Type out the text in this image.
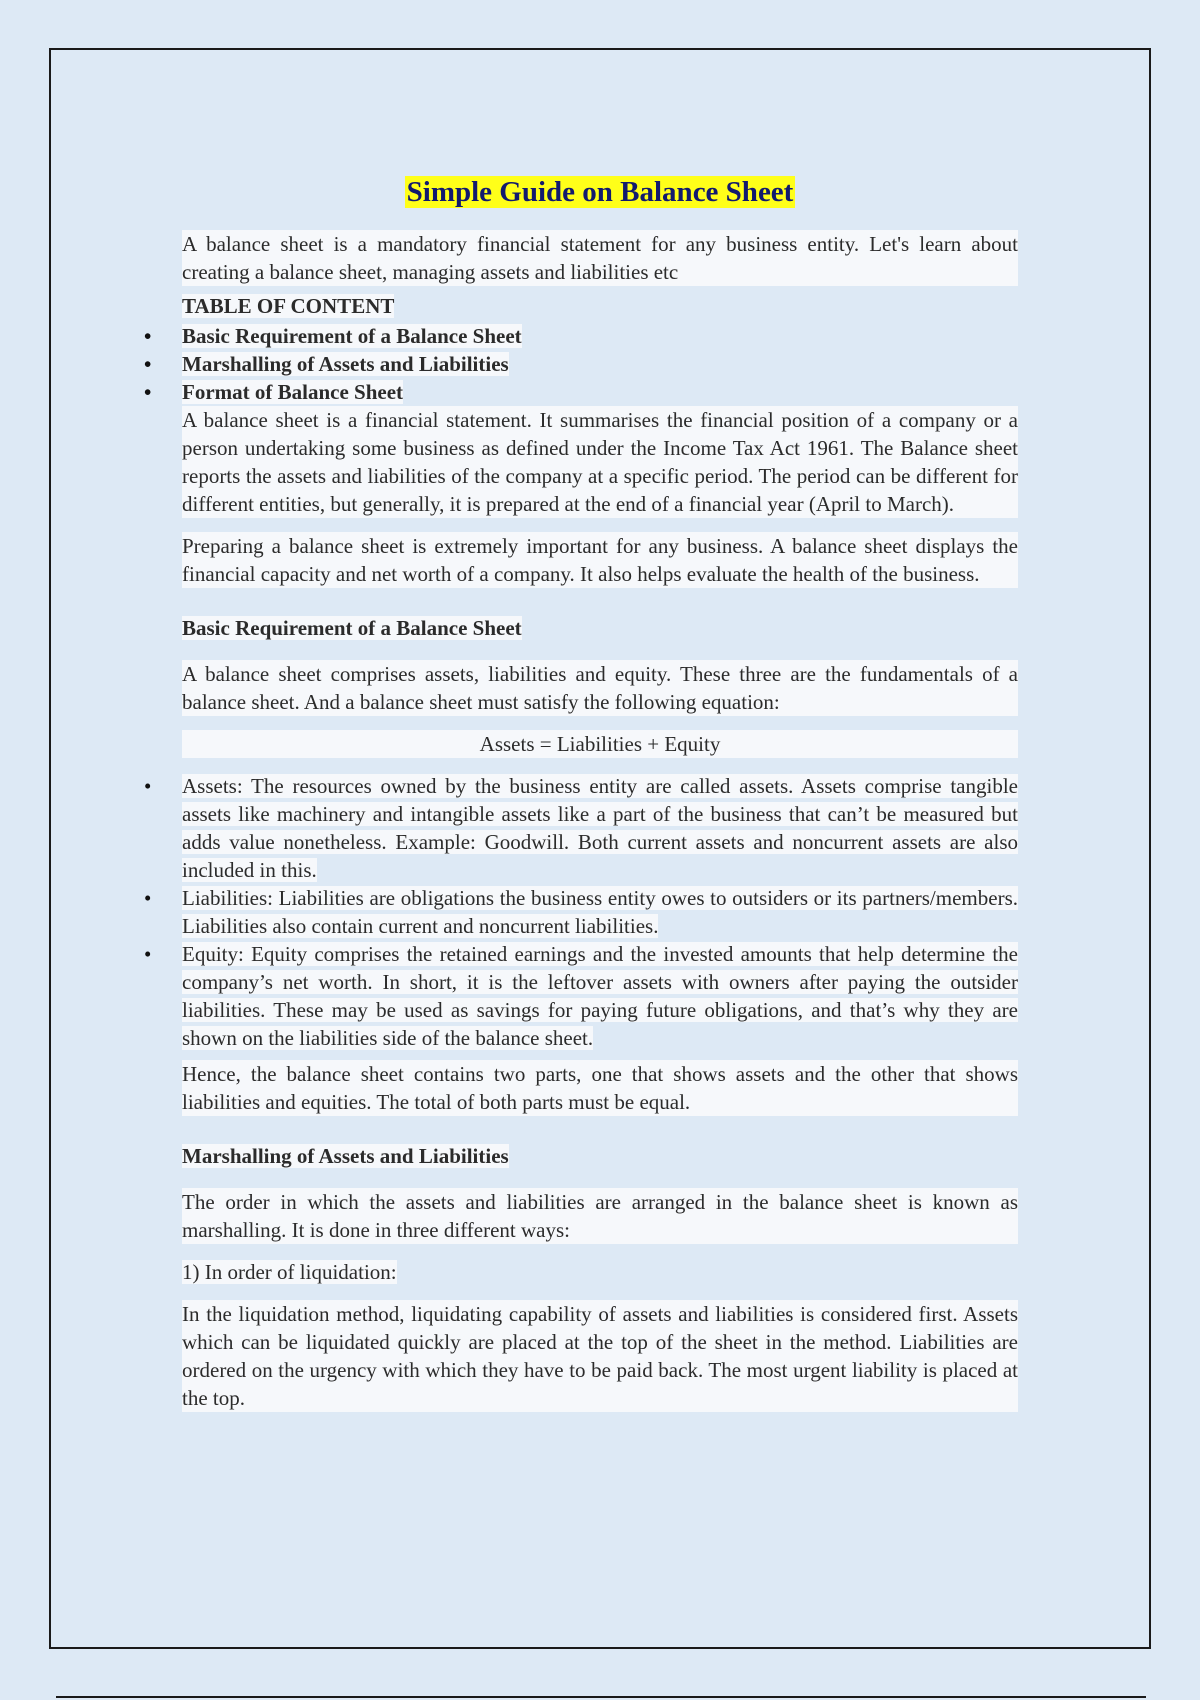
Simple Guide on Balance Sheet

A balance sheet is a mandatory financial statement for any business entity. Let's learn about creating a balance sheet, managing assets and liabilities etc

TABLE OF CONTENT
• Basic Requirement of a Balance Sheet
• Marshalling of Assets and Liabilities
• Format of Balance Sheet

A balance sheet is a financial statement. It summarises the financial position of a company or a person undertaking some business as defined under the Income Tax Act 1961. The Balance sheet reports the assets and liabilities of the company at a specific period. The period can be different for different entities, but generally, it is prepared at the end of a financial year (April to March).

Preparing a balance sheet is extremely important for any business. A balance sheet displays the financial capacity and net worth of a company. It also helps evaluate the health of the business.

Basic Requirement of a Balance Sheet

A balance sheet comprises assets, liabilities and equity. These three are the fundamentals of a balance sheet. And a balance sheet must satisfy the following equation:

Assets = Liabilities + Equity
• Assets: The resources owned by the business entity are called assets. Assets comprise tangible assets like machinery and intangible assets like a part of the business that can’t be measured but adds value nonetheless. Example: Goodwill. Both current assets and noncurrent assets are also included in this.
• Liabilities: Liabilities are obligations the business entity owes to outsiders or its partners/members. Liabilities also contain current and noncurrent liabilities.
• Equity: Equity comprises the retained earnings and the invested amounts that help determine the company’s net worth. In short, it is the leftover assets with owners after paying the outsider liabilities. These may be used as savings for paying future obligations, and that’s why they are shown on the liabilities side of the balance sheet.

Hence, the balance sheet contains two parts, one that shows assets and the other that shows liabilities and equities. The total of both parts must be equal.

Marshalling of Assets and Liabilities

The order in which the assets and liabilities are arranged in the balance sheet is known as marshalling. It is done in three different ways:

1) In order of liquidation:

In the liquidation method, liquidating capability of assets and liabilities is considered first. Assets which can be liquidated quickly are placed at the top of the sheet in the method. Liabilities are ordered on the urgency with which they have to be paid back. The most urgent liability is placed at the top.
